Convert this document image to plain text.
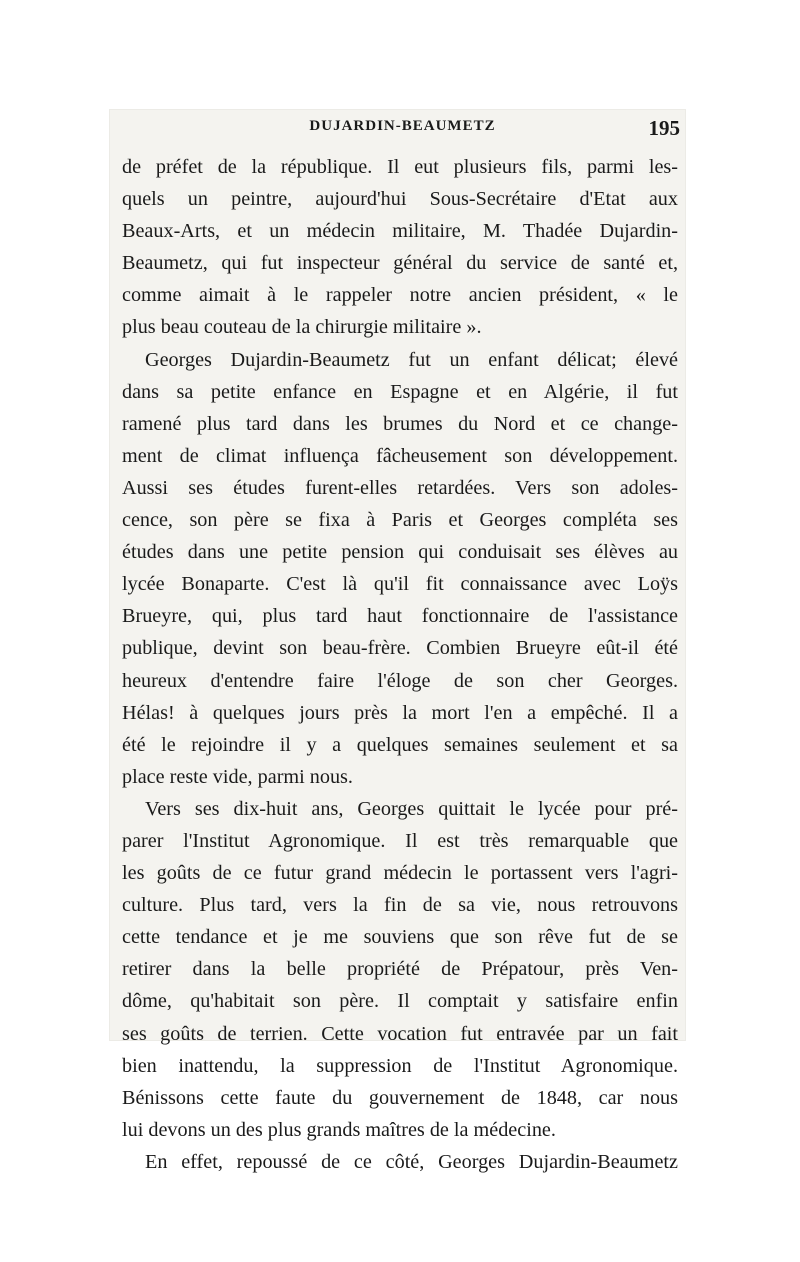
DUJARDIN-BEAUMETZ	195
de préfet de la république. Il eut plusieurs fils, parmi les-
quels un peintre, aujourd'hui Sous-Secrétaire d'Etat aux
Beaux-Arts, et un médecin militaire, M. Thadée Dujardin-
Beaumetz, qui fut inspecteur général du service de santé et,
comme aimait à le rappeler notre ancien président, « le
plus beau couteau de la chirurgie militaire ».
Georges Dujardin-Beaumetz fut un enfant délicat; élevé
dans sa petite enfance en Espagne et en Algérie, il fut
ramené plus tard dans les brumes du Nord et ce change-
ment de climat influença fâcheusement son développement.
Aussi ses études furent-elles retardées. Vers son adoles-
cence, son père se fixa à Paris et Georges compléta ses
études dans une petite pension qui conduisait ses élèves au
lycée Bonaparte. C'est là qu'il fit connaissance avec Loÿs
Brueyre, qui, plus tard haut fonctionnaire de l'assistance
publique, devint son beau-frère. Combien Brueyre eût-il été
heureux d'entendre faire l'éloge de son cher Georges.
Hélas! à quelques jours près la mort l'en a empêché. Il a
été le rejoindre il y a quelques semaines seulement et sa
place reste vide, parmi nous.
Vers ses dix-huit ans, Georges quittait le lycée pour pré-
parer l'Institut Agronomique. Il est très remarquable que
les goûts de ce futur grand médecin le portassent vers l'agri-
culture. Plus tard, vers la fin de sa vie, nous retrouvons
cette tendance et je me souviens que son rêve fut de se
retirer dans la belle propriété de Prépatour, près Ven-
dôme, qu'habitait son père. Il comptait y satisfaire enfin
ses goûts de terrien. Cette vocation fut entravée par un fait
bien inattendu, la suppression de l'Institut Agronomique.
Bénissons cette faute du gouvernement de 1848, car nous
lui devons un des plus grands maîtres de la médecine.
En effet, repoussé de ce côté, Georges Dujardin-Beaumetz
